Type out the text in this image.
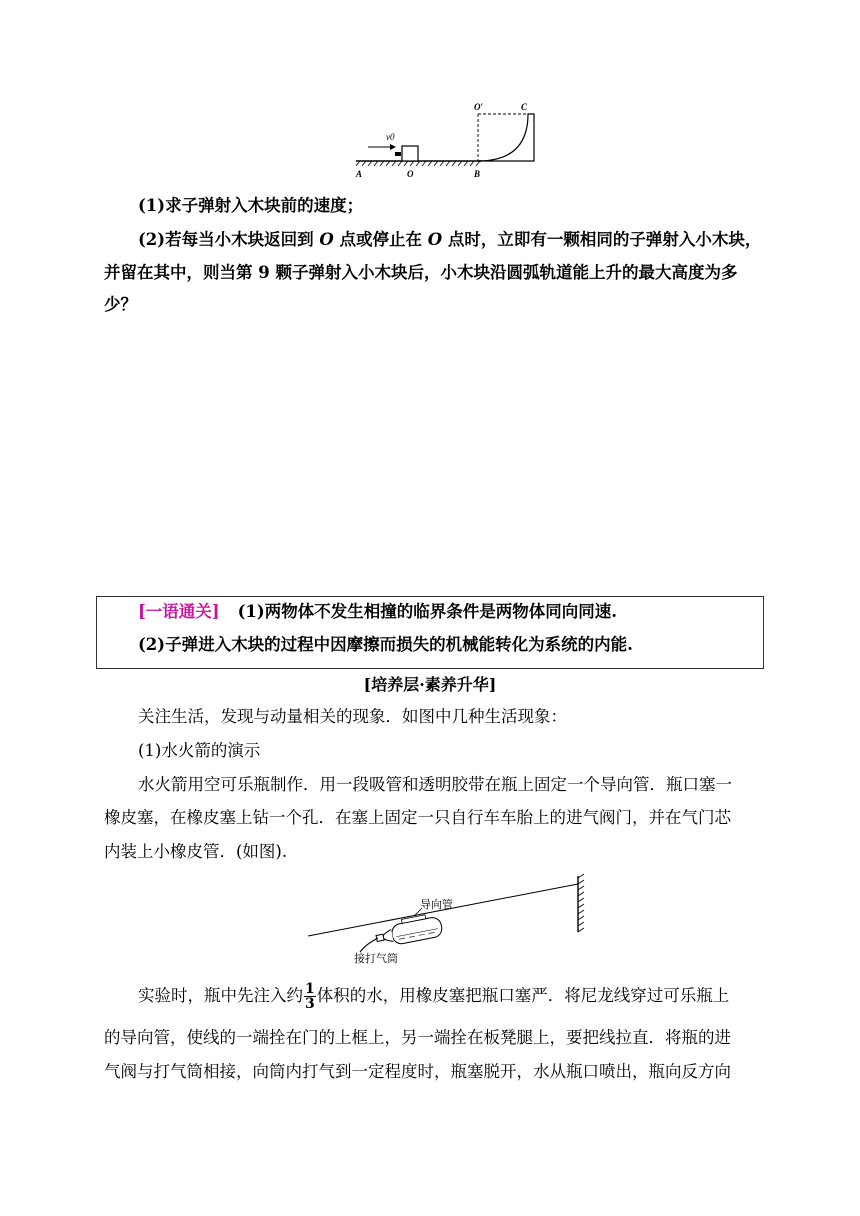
v0
O′	C
A	O	B
(1)求子弹射入木块前的速度；
(2)若每当小木块返回到 O 点或停止在 O 点时，立即有一颗相同的子弹射入小木块，
并留在其中，则当第 9 颗子弹射入小木块后，小木块沿圆弧轨道能上升的最大高度为多
少？
[一语通关] (1)两物体不发生相撞的临界条件是两物体同向同速.
(2)子弹进入木块的过程中因摩擦而损失的机械能转化为系统的内能.
[培养层·素养升华]
关注生活，发现与动量相关的现象．如图中几种生活现象：
(1)水火箭的演示
水火箭用空可乐瓶制作．用一段吸管和透明胶带在瓶上固定一个导向管．瓶口塞一
橡皮塞，在橡皮塞上钻一个孔．在塞上固定一只自行车车胎上的进气阀门，并在气门芯
内装上小橡皮管．(如图).
导向管
接打气筒
实验时，瓶中先注入约 $\frac{1}{3}$ 体积的水，用橡皮塞把瓶口塞严．将尼龙线穿过可乐瓶上
的导向管，使线的一端拴在门的上框上，另一端拴在板凳腿上，要把线拉直．将瓶的进
气阀与打气筒相接，向筒内打气到一定程度时，瓶塞脱开，水从瓶口喷出，瓶向反方向
